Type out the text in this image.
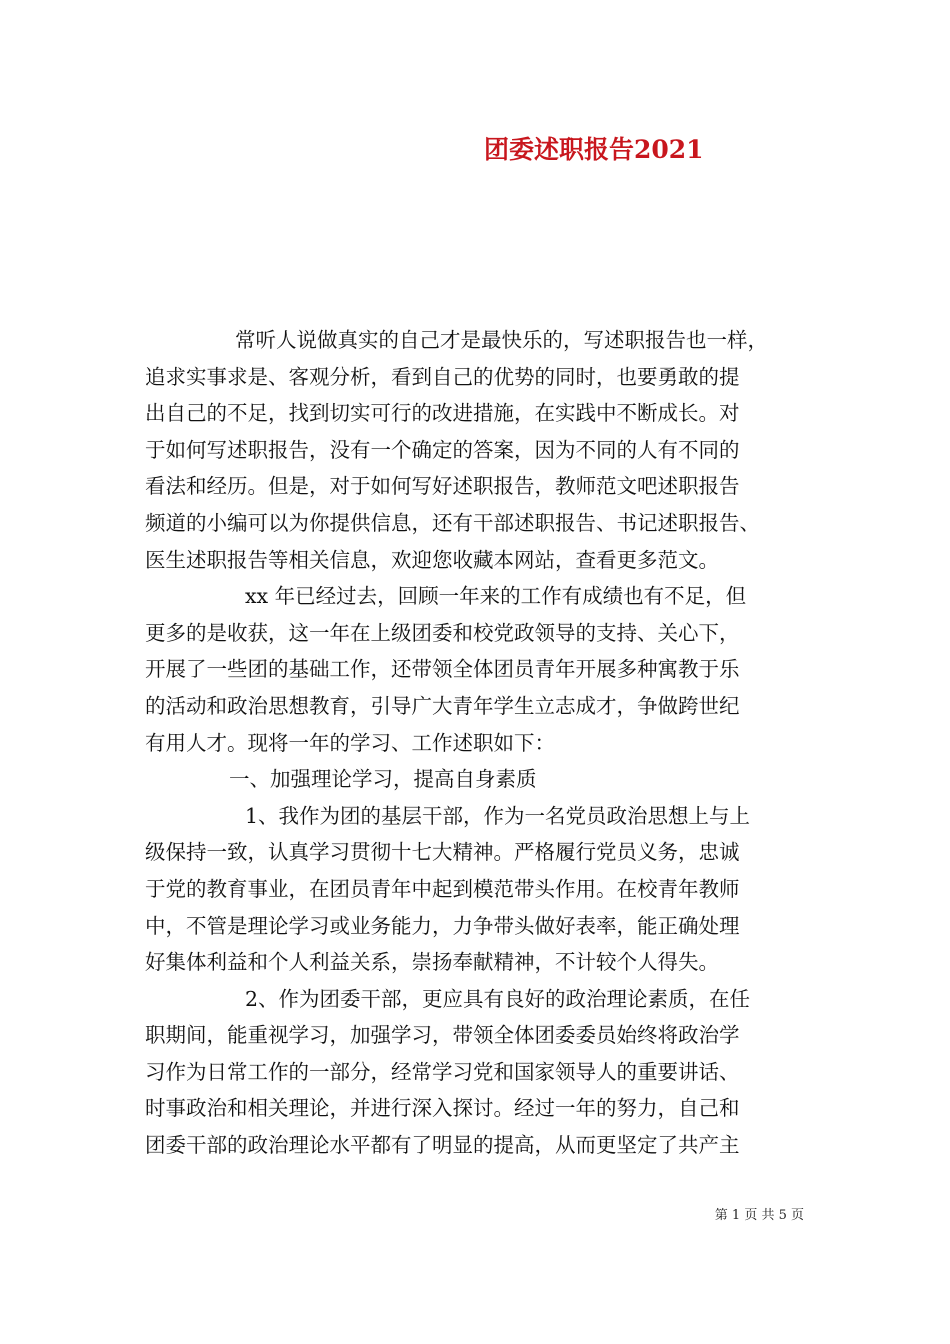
团委述职报告2021
常听人说做真实的自己才是最快乐的，写述职报告也一样，
追求实事求是、客观分析，看到自己的优势的同时，也要勇敢的提
出自己的不足，找到切实可行的改进措施，在实践中不断成长。对
于如何写述职报告，没有一个确定的答案，因为不同的人有不同的
看法和经历。但是，对于如何写好述职报告，教师范文吧述职报告
频道的小编可以为你提供信息，还有干部述职报告、书记述职报告、
医生述职报告等相关信息，欢迎您收藏本网站，查看更多范文。
xx 年已经过去，回顾一年来的工作有成绩也有不足，但
更多的是收获，这一年在上级团委和校党政领导的支持、关心下，
开展了一些团的基础工作，还带领全体团员青年开展多种寓教于乐
的活动和政治思想教育，引导广大青年学生立志成才，争做跨世纪
有用人才。现将一年的学习、工作述职如下：
一、加强理论学习，提高自身素质
1、我作为团的基层干部，作为一名党员政治思想上与上
级保持一致，认真学习贯彻十七大精神。严格履行党员义务，忠诚
于党的教育事业，在团员青年中起到模范带头作用。在校青年教师
中，不管是理论学习或业务能力，力争带头做好表率，能正确处理
好集体利益和个人利益关系，崇扬奉献精神，不计较个人得失。
2、作为团委干部，更应具有良好的政治理论素质，在任
职期间，能重视学习，加强学习，带领全体团委委员始终将政治学
习作为日常工作的一部分，经常学习党和国家领导人的重要讲话、
时事政治和相关理论，并进行深入探讨。经过一年的努力，自己和
团委干部的政治理论水平都有了明显的提高，从而更坚定了共产主
第 1 页 共 5 页
